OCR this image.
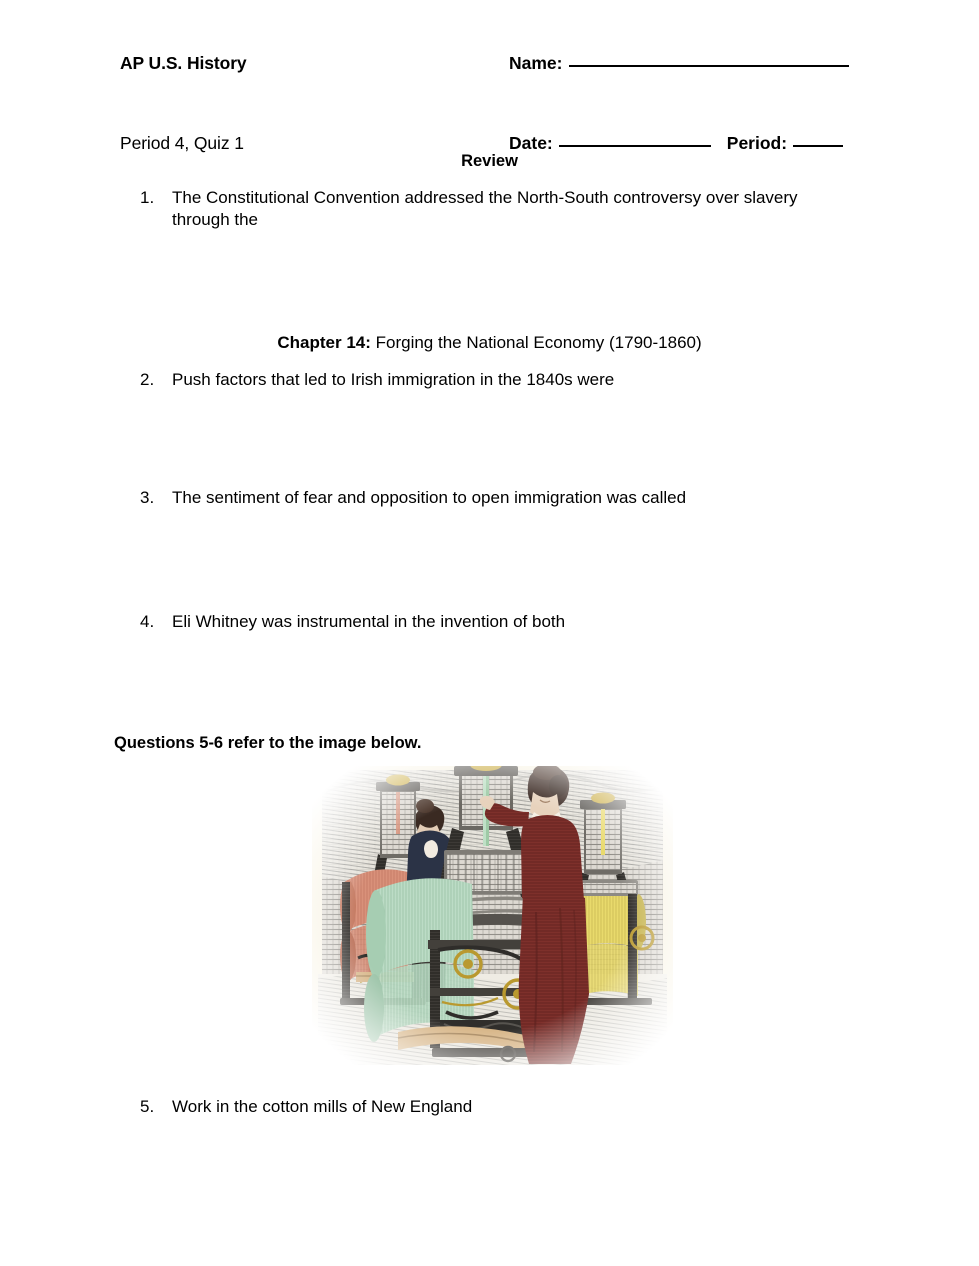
AP U.S. History	Name:
Period 4, Quiz 1	Date:	Period:
Review
1.	The Constitutional Convention addressed the North-South controversy over slavery through the
Chapter 14: Forging the National Economy (1790-1860)
2.	Push factors that led to Irish immigration in the 1840s were
3.	The sentiment of fear and opposition to open immigration was called
4.	Eli Whitney was instrumental in the invention of both
Questions 5-6 refer to the image below.
5.	Work in the cotton mills of New England
